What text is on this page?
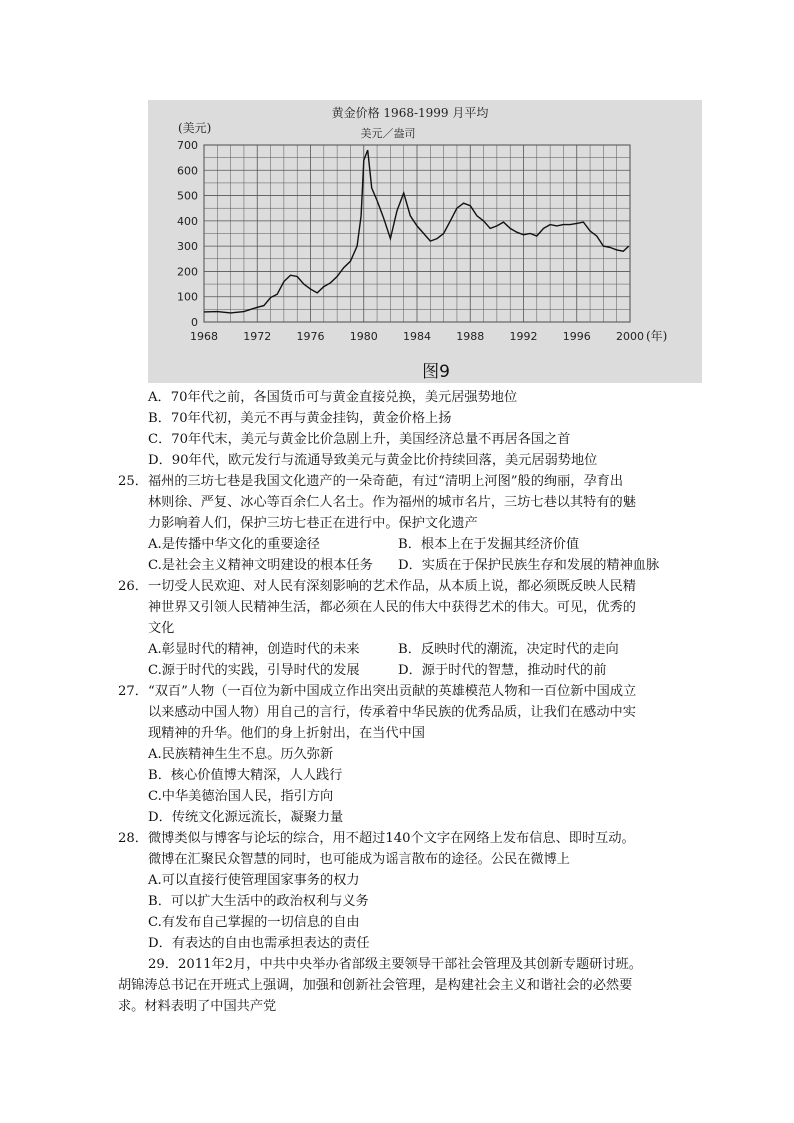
黄金价格 1968-1999 月平均
美元／盎司
(美元)
(年)
图9
0
100
200
300
400
500
600
700
1968 1972 1976 1980 1984 1988 1992 1996 2000
A．70年代之前，各国货币可与黄金直接兑换，美元居强势地位
B．70年代初，美元不再与黄金挂钩，黄金价格上扬
C．70年代末，美元与黄金比价急剧上升，美国经济总量不再居各国之首
D．90年代，欧元发行与流通导致美元与黄金比价持续回落，美元居弱势地位
25．福州的三坊七巷是我国文化遗产的一朵奇葩，有过“清明上河图”般的绚丽，孕育出
林则徐、严复、冰心等百余仁人名士。作为福州的城市名片，三坊七巷以其特有的魅
力影响着人们，保护三坊七巷正在进行中。保护文化遗产
A.是传播中华文化的重要途径	B．根本上在于发掘其经济价值
C.是社会主义精神文明建设的根本任务 D．实质在于保护民族生存和发展的精神血脉
26．一切受人民欢迎、对人民有深刻影响的艺术作品，从本质上说，都必须既反映人民精
神世界又引领人民精神生活，都必须在人民的伟大中获得艺术的伟大。可见，优秀的
文化
A.彰显时代的精神，创造时代的未来	B．反映时代的潮流，决定时代的走向
C.源于时代的实践，引导时代的发展	D．源于时代的智慧，推动时代的前
27．“双百”人物（一百位为新中国成立作出突出贡献的英雄模范人物和一百位新中国成立
以来感动中国人物）用自己的言行，传承着中华民族的优秀品质，让我们在感动中实
现精神的升华。他们的身上折射出，在当代中国
A.民族精神生生不息。历久弥新
B．核心价值博大精深，人人践行
C.中华美德治国人民，指引方向
D．传统文化源远流长，凝聚力量
28．微博类似与博客与论坛的综合，用不超过140个文字在网络上发布信息、即时互动。
微博在汇聚民众智慧的同时，也可能成为谣言散布的途径。公民在微博上
A.可以直接行使管理国家事务的权力
B．可以扩大生活中的政治权利与义务
C.有发布自己掌握的一切信息的自由
D．有表达的自由也需承担表达的责任
29．2011年2月，中共中央举办省部级主要领导干部社会管理及其创新专题研讨班。
胡锦涛总书记在开班式上强调，加强和创新社会管理，是构建社会主义和谐社会的必然要
求。材料表明了中国共产党
